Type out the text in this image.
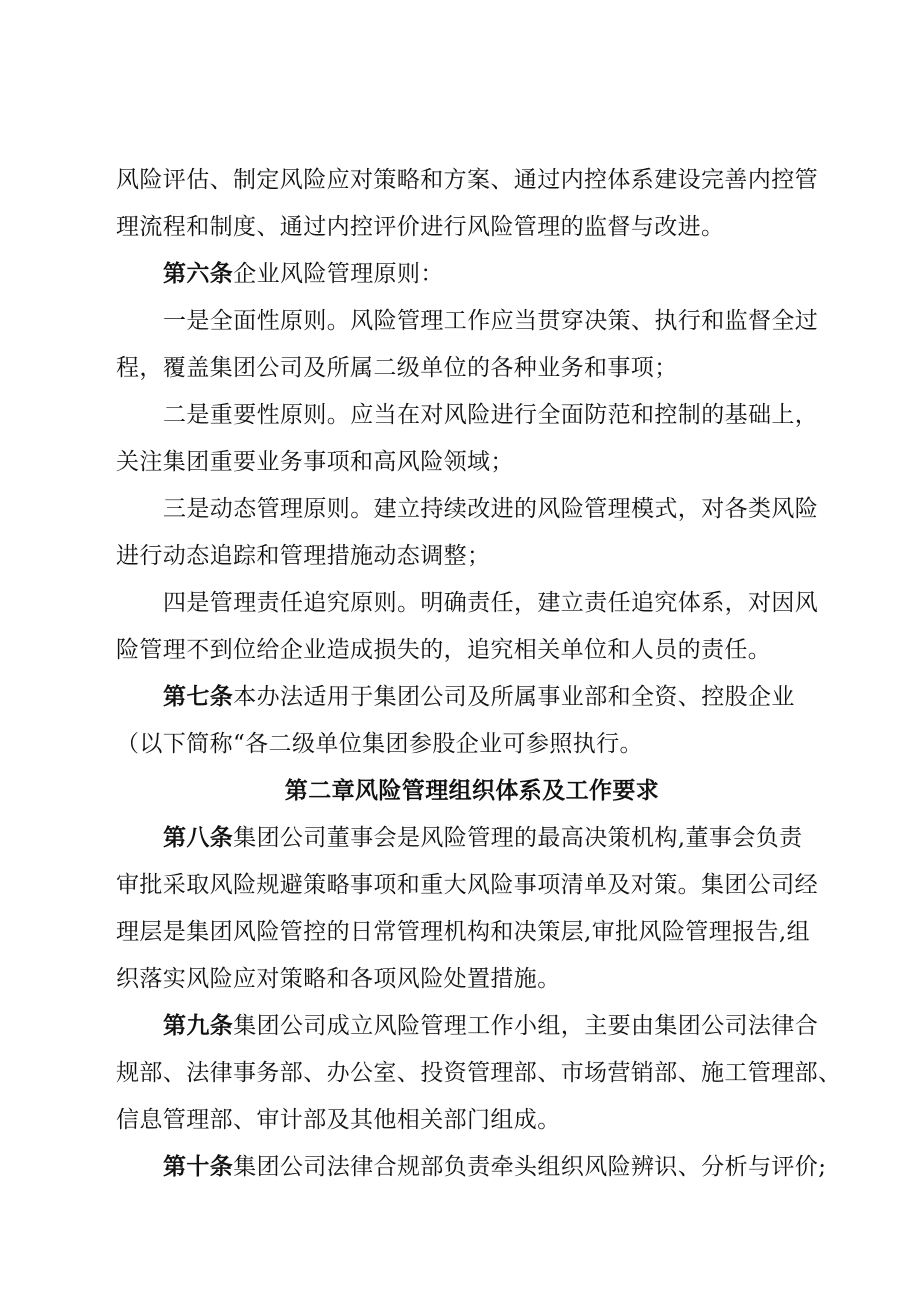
风险评估、制定风险应对策略和方案、通过内控体系建设完善内控管
理流程和制度、通过内控评价进行风险管理的监督与改进。
第六条企业风险管理原则：
一是全面性原则。风险管理工作应当贯穿决策、执行和监督全过
程，覆盖集团公司及所属二级单位的各种业务和事项；
二是重要性原则。应当在对风险进行全面防范和控制的基础上，
关注集团重要业务事项和高风险领域；
三是动态管理原则。建立持续改进的风险管理模式，对各类风险
进行动态追踪和管理措施动态调整；
四是管理责任追究原则。明确责任，建立责任追究体系，对因风
险管理不到位给企业造成损失的，追究相关单位和人员的责任。
第七条本办法适用于集团公司及所属事业部和全资、控股企业
（以下简称“各二级单位集团参股企业可参照执行。
第二章风险管理组织体系及工作要求
第八条集团公司董事会是风险管理的最高决策机构,董事会负责
审批采取风险规避策略事项和重大风险事项清单及对策。集团公司经
理层是集团风险管控的日常管理机构和决策层,审批风险管理报告,组
织落实风险应对策略和各项风险处置措施。
第九条集团公司成立风险管理工作小组，主要由集团公司法律合
规部、法律事务部、办公室、投资管理部、市场营销部、施工管理部、
信息管理部、审计部及其他相关部门组成。
第十条集团公司法律合规部负责牵头组织风险辨识、分析与评价;
